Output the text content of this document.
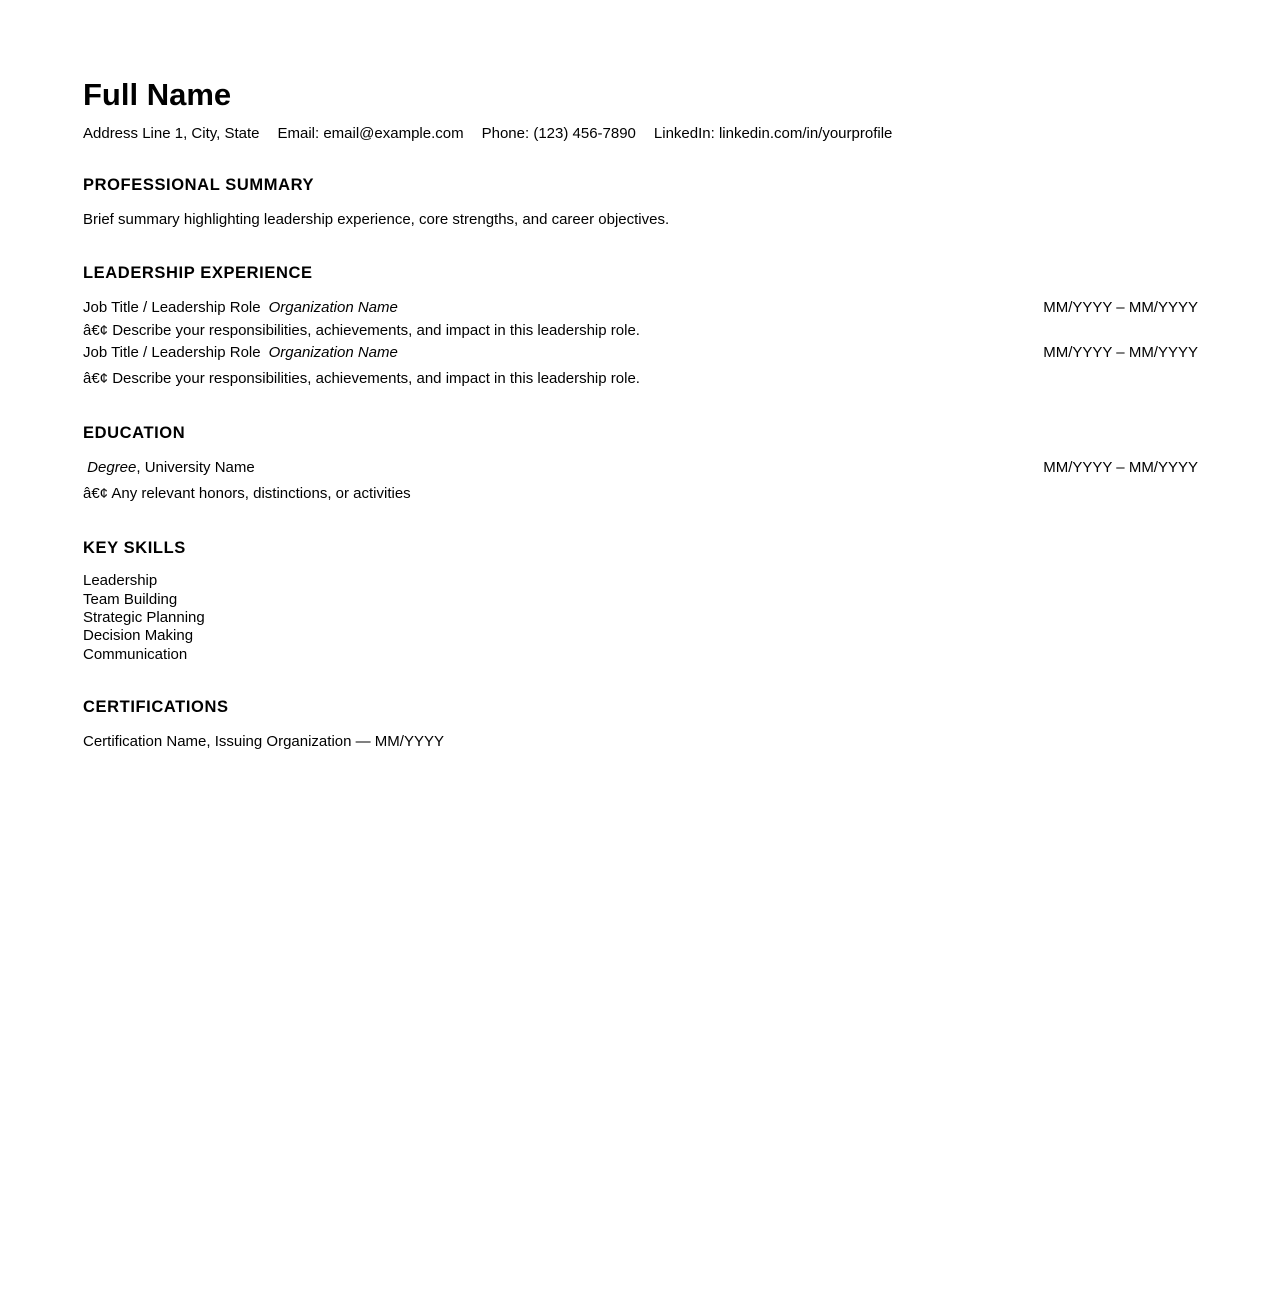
Full Name
Address Line 1, City, State Email: email@example.com Phone: (123) 456-7890 LinkedIn: linkedin.com/in/yourprofile
PROFESSIONAL SUMMARY

Brief summary highlighting leadership experience, core strengths, and career objectives.

LEADERSHIP EXPERIENCE
Job Title / Leadership Role Organization Name	MM/YYYY – MM/YYYY

â€¢ Describe your responsibilities, achievements, and impact in this leadership role.

Job Title / Leadership Role Organization Name	MM/YYYY – MM/YYYY

â€¢ Describe your responsibilities, achievements, and impact in this leadership role.

EDUCATION
Degree, University Name	MM/YYYY – MM/YYYY

â€¢ Any relevant honors, distinctions, or activities

KEY SKILLS
Leadership
Team Building
Strategic Planning
Decision Making
Communication
CERTIFICATIONS

Certification Name, Issuing Organization — MM/YYYY
